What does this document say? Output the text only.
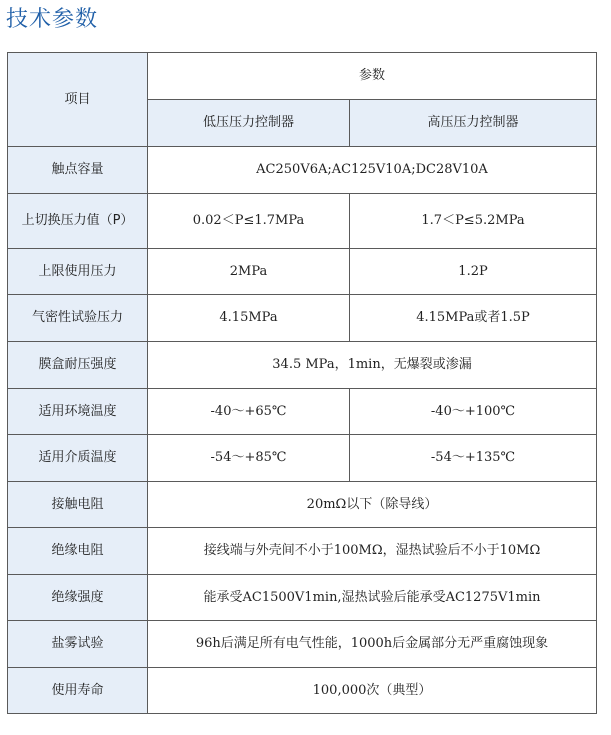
技术参数
项目	参数	
	低压压力控制器	高压压力控制器
触点容量	AC250V6A;AC125V10A;DC28V10A	
上切换压力值（P）	0.02＜P≤1.7MPa	1.7＜P≤5.2MPa
上限使用压力	2MPa	1.2P
气密性试验压力	4.15MPa	4.15MPa或者1.5P
膜盒耐压强度	34.5 MPa，1min，无爆裂或渗漏	
适用环境温度	-40～+65℃	-40～+100℃
适用介质温度	-54～+85℃	-54～+135℃
接触电阻	20mΩ以下（除导线）	
绝缘电阻	接线端与外壳间不小于100MΩ，湿热试验后不小于10MΩ	
绝缘强度	能承受AC1500V1min,湿热试验后能承受AC1275V1min	
盐雾试验	96h后满足所有电气性能，1000h后金属部分无严重腐蚀现象	
使用寿命	100,000次（典型）	
